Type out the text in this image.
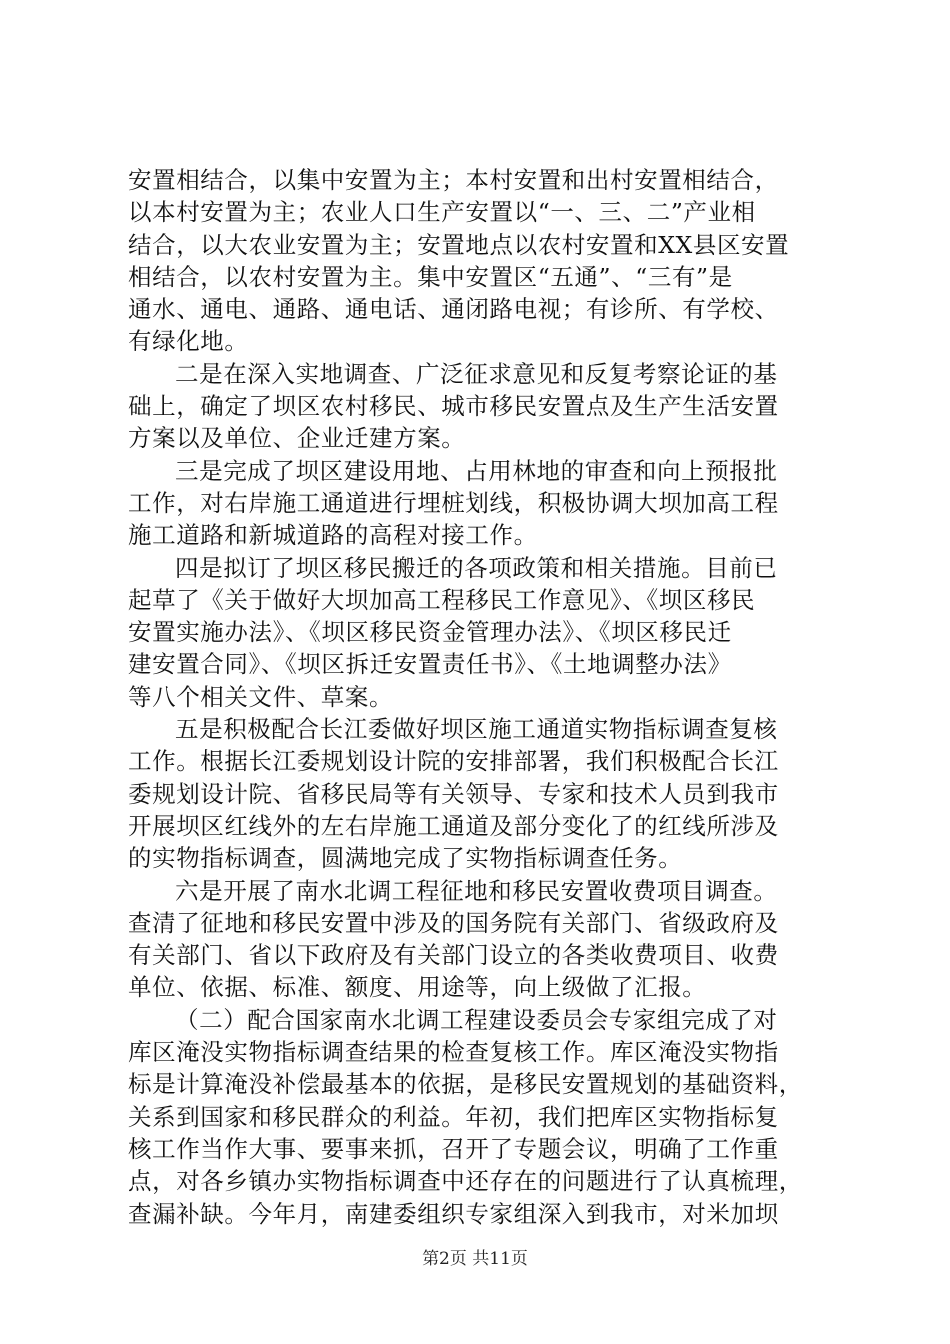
安置相结合，以集中安置为主；本村安置和出村安置相结合，
以本村安置为主；农业人口生产安置以“一、三、二”产业相
结合，以大农业安置为主；安置地点以农村安置和XX县区安置
相结合，以农村安置为主。集中安置区“五通”、“三有”是
通水、通电、通路、通电话、通闭路电视；有诊所、有学校、
有绿化地。

二是在深入实地调查、广泛征求意见和反复考察论证的基
础上，确定了坝区农村移民、城市移民安置点及生产生活安置
方案以及单位、企业迁建方案。

三是完成了坝区建设用地、占用林地的审查和向上预报批
工作，对右岸施工通道进行埋桩划线，积极协调大坝加高工程
施工道路和新城道路的高程对接工作。

四是拟订了坝区移民搬迁的各项政策和相关措施。目前已
起草了《关于做好大坝加高工程移民工作意见》、《坝区移民
安置实施办法》、《坝区移民资金管理办法》、《坝区移民迁
建安置合同》、《坝区拆迁安置责任书》、《土地调整办法》
等八个相关文件、草案。

五是积极配合长江委做好坝区施工通道实物指标调查复核
工作。根据长江委规划设计院的安排部署，我们积极配合长江
委规划设计院、省移民局等有关领导、专家和技术人员到我市
开展坝区红线外的左右岸施工通道及部分变化了的红线所涉及
的实物指标调查，圆满地完成了实物指标调查任务。

六是开展了南水北调工程征地和移民安置收费项目调查。
查清了征地和移民安置中涉及的国务院有关部门、省级政府及
有关部门、省以下政府及有关部门设立的各类收费项目、收费
单位、依据、标准、额度、用途等，向上级做了汇报。

（二）配合国家南水北调工程建设委员会专家组完成了对
库区淹没实物指标调查结果的检查复核工作。库区淹没实物指
标是计算淹没补偿最基本的依据，是移民安置规划的基础资料，
关系到国家和移民群众的利益。年初，我们把库区实物指标复
核工作当作大事、要事来抓，召开了专题会议，明确了工作重
点，对各乡镇办实物指标调查中还存在的问题进行了认真梳理，
查漏补缺。今年月，南建委组织专家组深入到我市，对米加坝

第2页 共11页
